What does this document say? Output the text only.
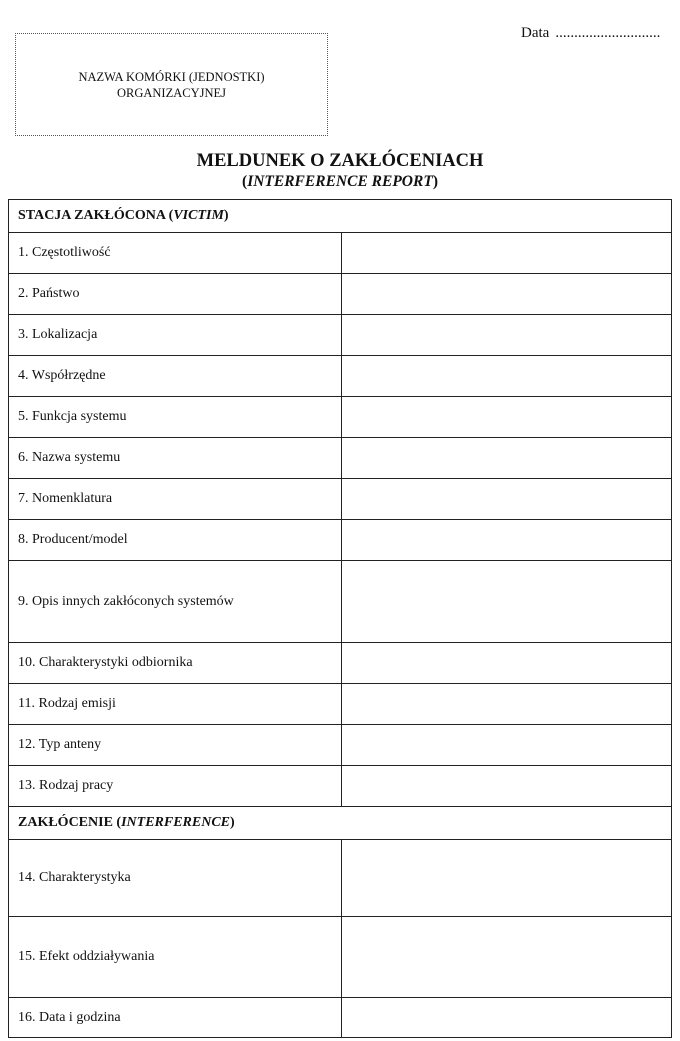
Data ............................
NAZWA KOMÓRKI (JEDNOSTKI)
ORGANIZACYJNEJ
MELDUNEK O ZAKŁÓCENIACH
(INTERFERENCE REPORT)
STACJA ZAKŁÓCONA (VICTIM)	
1. Częstotliwość	
2. Państwo	
3. Lokalizacja	
4. Współrzędne	
5. Funkcja systemu	
6. Nazwa systemu	
7. Nomenklatura	
8. Producent/model	
9. Opis innych zakłóconych systemów	
10. Charakterystyki odbiornika	
11. Rodzaj emisji	
12. Typ anteny	
13. Rodzaj pracy	
ZAKŁÓCENIE (INTERFERENCE)	
14. Charakterystyka	
15. Efekt oddziaływania	
16. Data i godzina	
